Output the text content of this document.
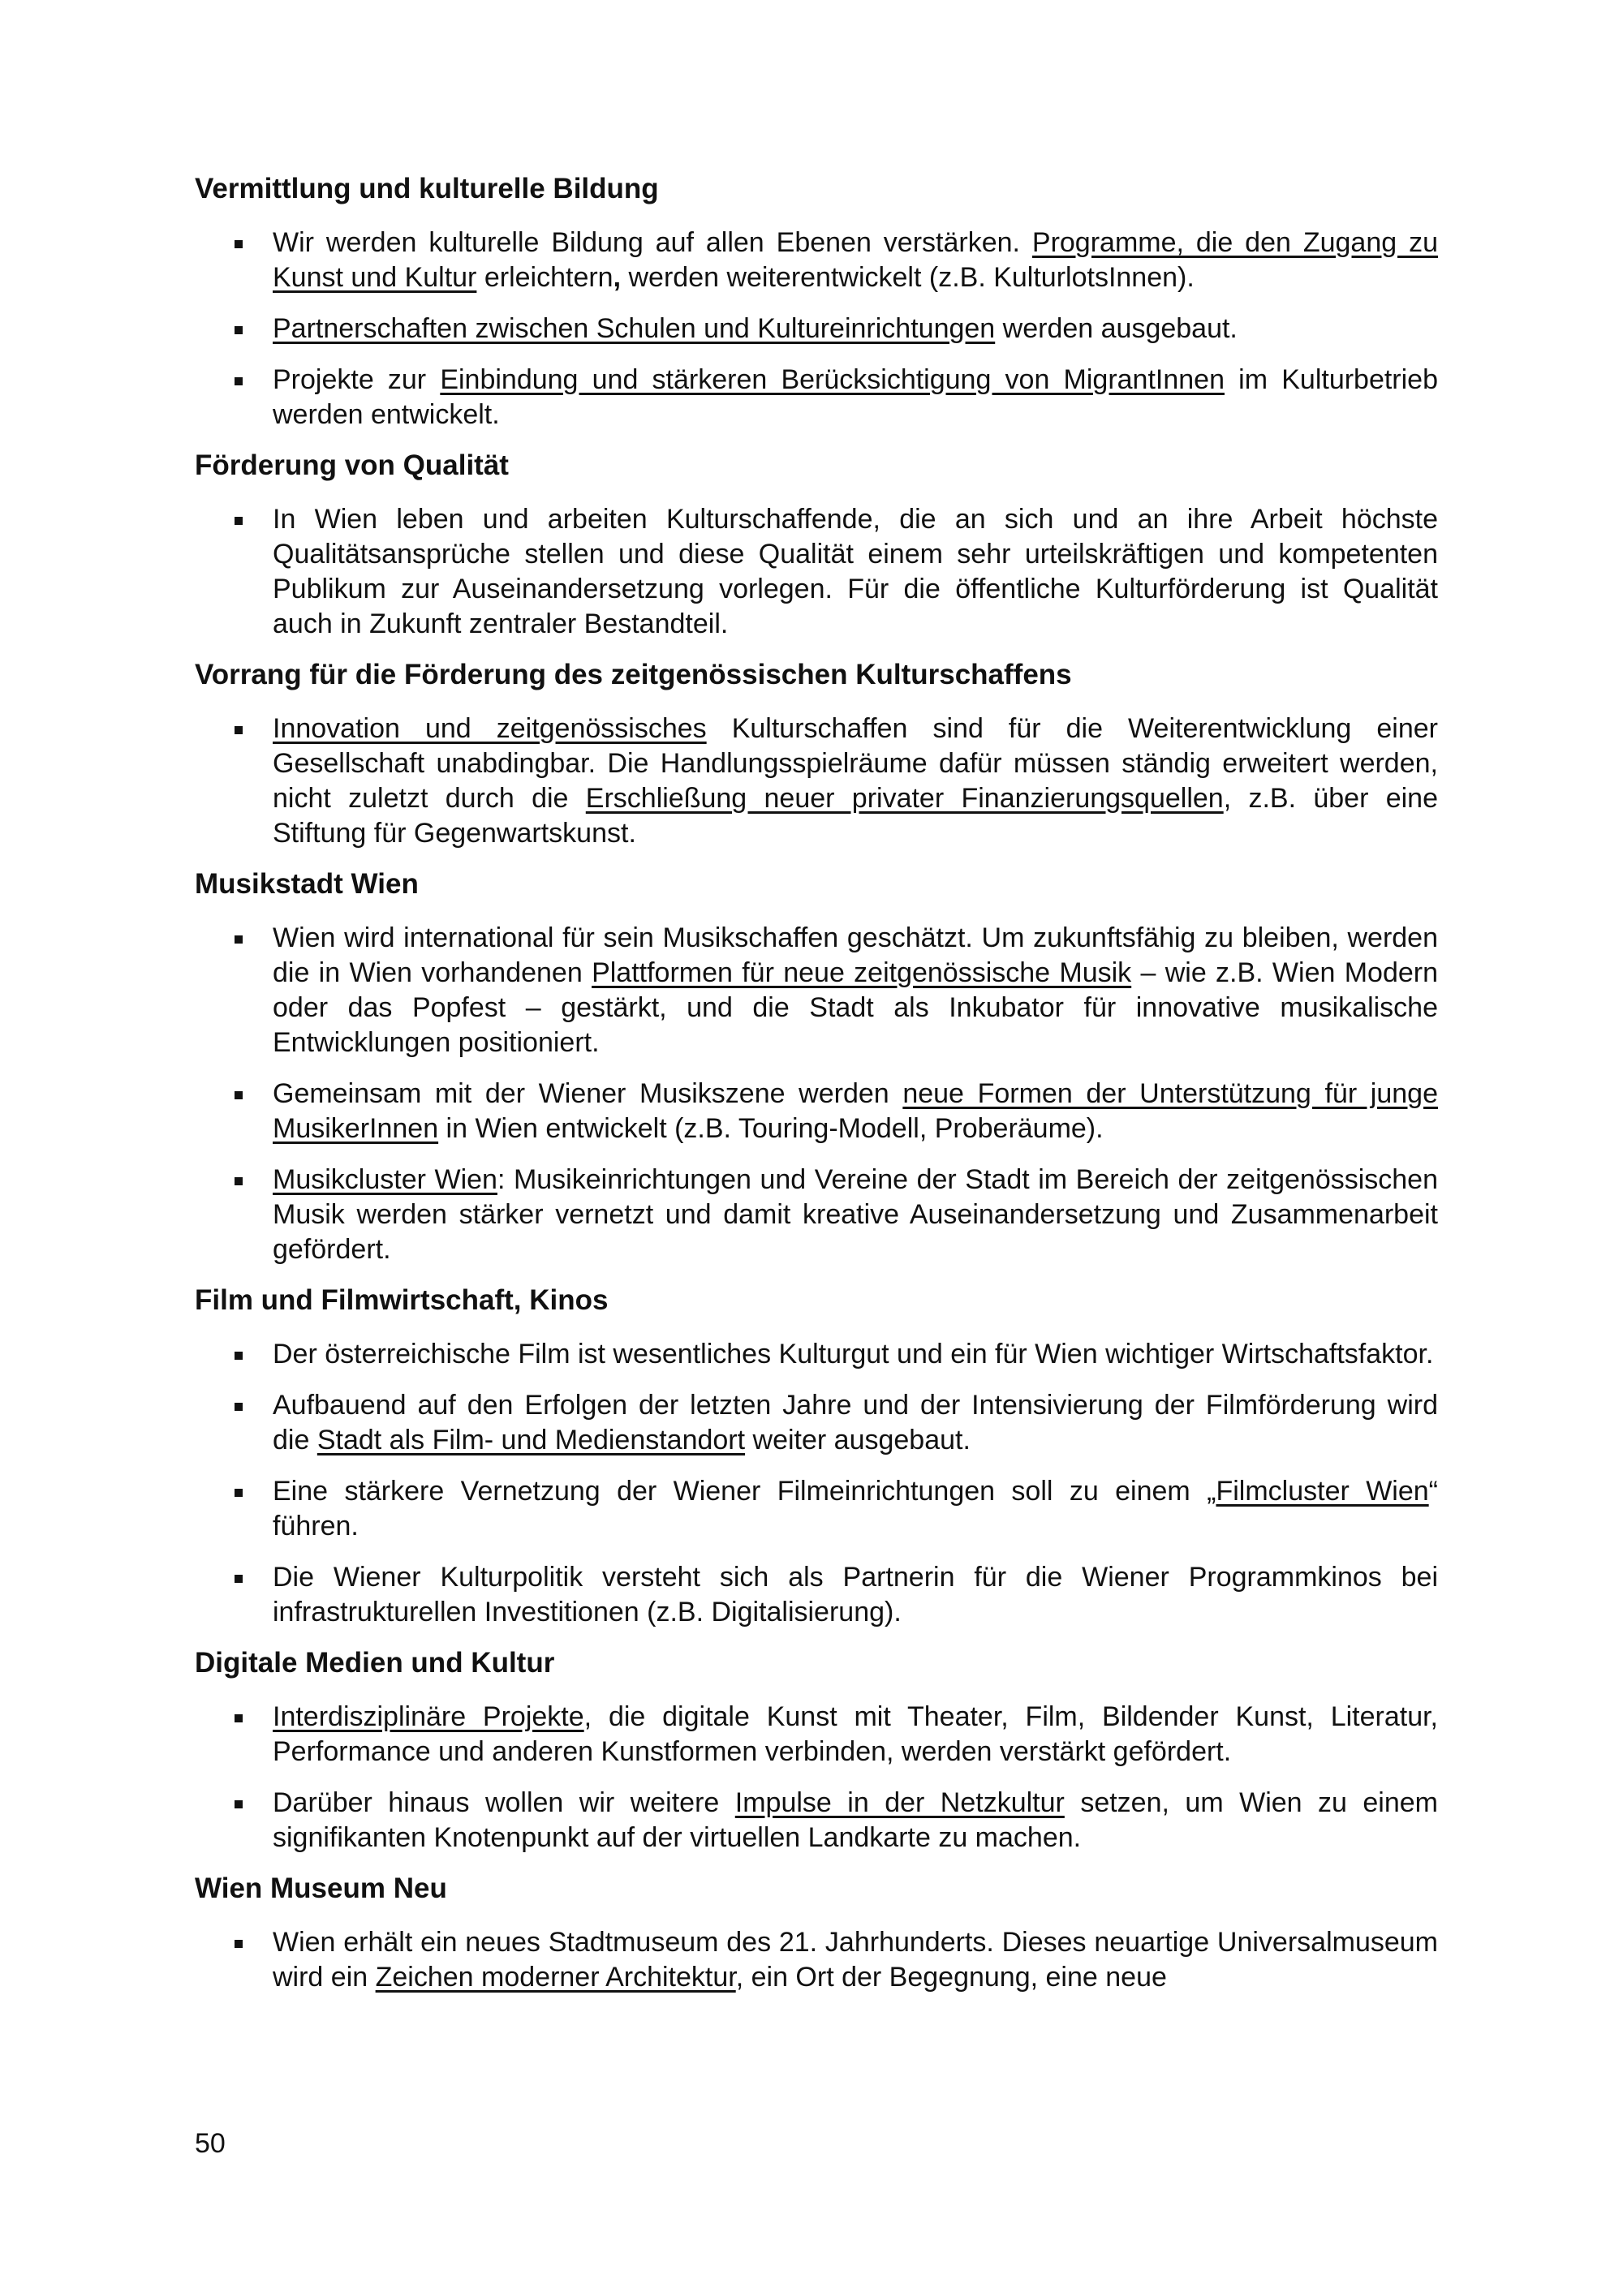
Vermittlung und kulturelle Bildung
Wir werden kulturelle Bildung auf allen Ebenen verstärken. Programme, die den Zugang zu Kunst und Kultur erleichtern, werden weiterentwickelt (z.B. KulturlotsInnen).
Partnerschaften zwischen Schulen und Kultureinrichtungen werden ausgebaut.
Projekte zur Einbindung und stärkeren Berücksichtigung von MigrantInnen im Kulturbetrieb werden entwickelt.
Förderung von Qualität
In Wien leben und arbeiten Kulturschaffende, die an sich und an ihre Arbeit höchste Qualitätsansprüche stellen und diese Qualität einem sehr urteilskräftigen und kompetenten Publikum zur Auseinandersetzung vorlegen. Für die öffentliche Kulturförderung ist Qualität auch in Zukunft zentraler Bestandteil.
Vorrang für die Förderung des zeitgenössischen Kulturschaffens
Innovation und zeitgenössisches Kulturschaffen sind für die Weiterentwicklung einer Gesellschaft unabdingbar. Die Handlungsspielräume dafür müssen ständig erweitert werden, nicht zuletzt durch die Erschließung neuer privater Finanzierungsquellen, z.B. über eine Stiftung für Gegenwartskunst.
Musikstadt Wien
Wien wird international für sein Musikschaffen geschätzt. Um zukunftsfähig zu bleiben, werden die in Wien vorhandenen Plattformen für neue zeitgenössische Musik – wie z.B. Wien Modern oder das Popfest – gestärkt, und die Stadt als Inkubator für innovative musikalische Entwicklungen positioniert.
Gemeinsam mit der Wiener Musikszene werden neue Formen der Unterstützung für junge MusikerInnen in Wien entwickelt (z.B. Touring-Modell, Proberäume).
Musikcluster Wien: Musikeinrichtungen und Vereine der Stadt im Bereich der zeitgenössischen Musik werden stärker vernetzt und damit kreative Auseinandersetzung und Zusammenarbeit gefördert.
Film und Filmwirtschaft, Kinos
Der österreichische Film ist wesentliches Kulturgut und ein für Wien wichtiger Wirtschaftsfaktor.
Aufbauend auf den Erfolgen der letzten Jahre und der Intensivierung der Filmförderung wird die Stadt als Film- und Medienstandort weiter ausgebaut.
Eine stärkere Vernetzung der Wiener Filmeinrichtungen soll zu einem „Filmcluster Wien“ führen.
Die Wiener Kulturpolitik versteht sich als Partnerin für die Wiener Programmkinos bei infrastrukturellen Investitionen (z.B. Digitalisierung).
Digitale Medien und Kultur
Interdisziplinäre Projekte, die digitale Kunst mit Theater, Film, Bildender Kunst, Literatur, Performance und anderen Kunstformen verbinden, werden verstärkt gefördert.
Darüber hinaus wollen wir weitere Impulse in der Netzkultur setzen, um Wien zu einem signifikanten Knotenpunkt auf der virtuellen Landkarte zu machen.
Wien Museum Neu
Wien erhält ein neues Stadtmuseum des 21. Jahrhunderts. Dieses neuartige Universalmuseum wird ein Zeichen moderner Architektur, ein Ort der Begegnung, eine neue
50
